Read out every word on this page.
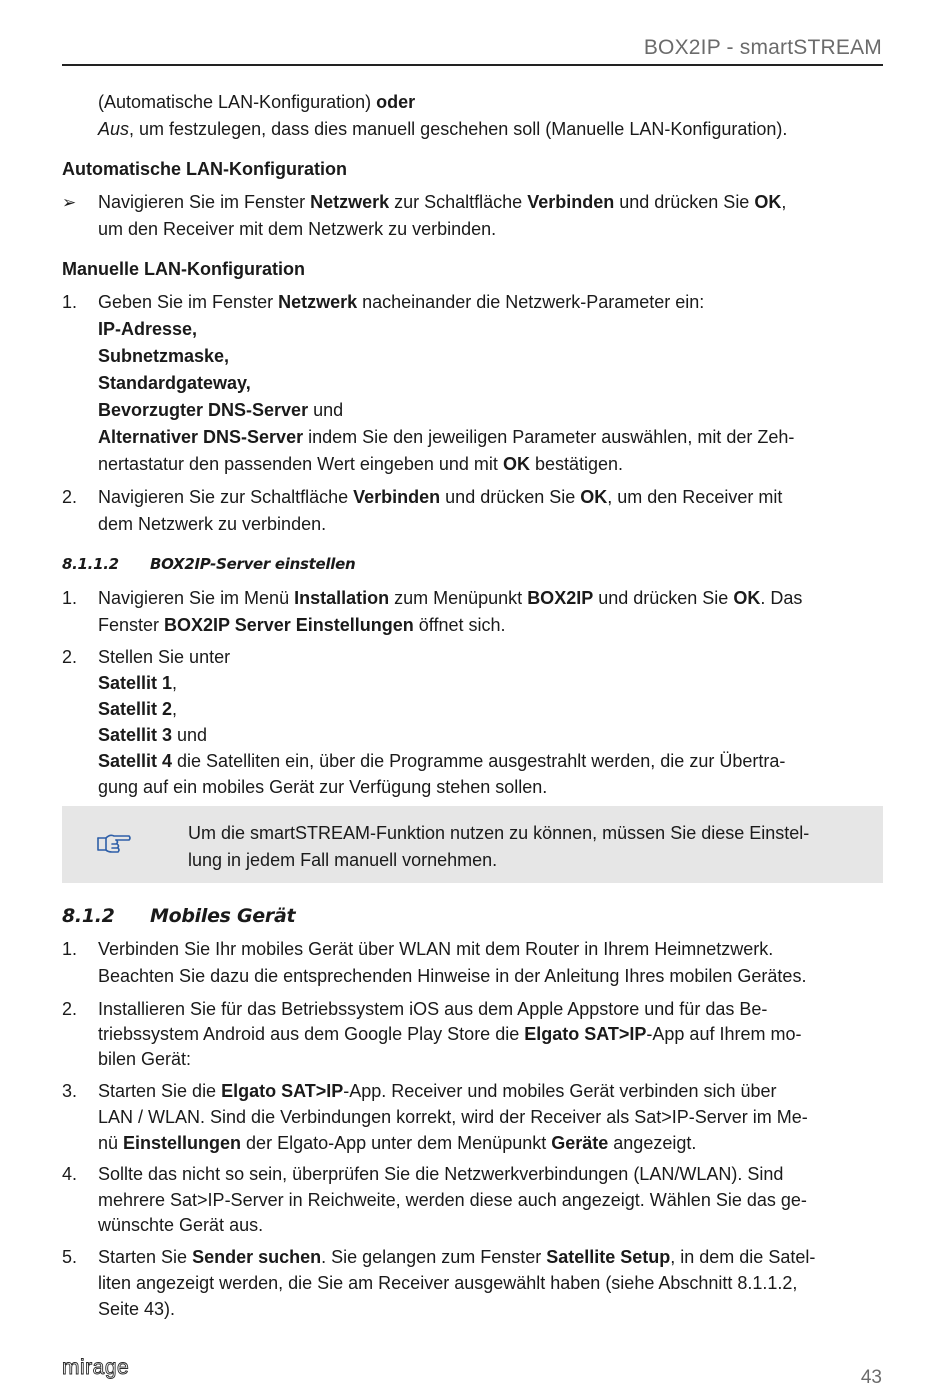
BOX2IP - smartSTREAM
(Automatische LAN-Konfiguration) oder
Aus, um festzulegen, dass dies manuell geschehen soll (Manuelle LAN-Konfiguration).
Automatische LAN-Konfiguration
➢ Navigieren Sie im Fenster Netzwerk zur Schaltfläche Verbinden und drücken Sie OK,
um den Receiver mit dem Netzwerk zu verbinden.
Manuelle LAN-Konfiguration
1.	Geben Sie im Fenster Netzwerk nacheinander die Netzwerk-Parameter ein:
IP-Adresse,
Subnetzmaske,
Standardgateway,
Bevorzugter DNS-Server und
Alternativer DNS-Server indem Sie den jeweiligen Parameter auswählen, mit der Zeh-
nertastatur den passenden Wert eingeben und mit OK bestätigen.
2.	Navigieren Sie zur Schaltfläche Verbinden und drücken Sie OK, um den Receiver mit
dem Netzwerk zu verbinden.
8.1.1.2 BOX2IP-Server einstellen
1.	Navigieren Sie im Menü Installation zum Menüpunkt BOX2IP und drücken Sie OK. Das
Fenster BOX2IP Server Einstellungen öffnet sich.
2.	Stellen Sie unter
Satellit 1,
Satellit 2,
Satellit 3 und
Satellit 4 die Satelliten ein, über die Programme ausgestrahlt werden, die zur Übertra-
gung auf ein mobiles Gerät zur Verfügung stehen sollen.
Um die smartSTREAM-Funktion nutzen zu können, müssen Sie diese Einstel-
lung in jedem Fall manuell vornehmen.
8.1.2 Mobiles Gerät
1.	Verbinden Sie Ihr mobiles Gerät über WLAN mit dem Router in Ihrem Heimnetzwerk.
Beachten Sie dazu die entsprechenden Hinweise in der Anleitung Ihres mobilen Gerätes.
2.	Installieren Sie für das Betriebssystem iOS aus dem Apple Appstore und für das Be-
triebssystem Android aus dem Google Play Store die Elgato SAT>IP-App auf Ihrem mo-
bilen Gerät:
3.	Starten Sie die Elgato SAT>IP-App. Receiver und mobiles Gerät verbinden sich über
LAN / WLAN. Sind die Verbindungen korrekt, wird der Receiver als Sat>IP-Server im Me-
nü Einstellungen der Elgato-App unter dem Menüpunkt Geräte angezeigt.
4.	Sollte das nicht so sein, überprüfen Sie die Netzwerkverbindungen (LAN/WLAN). Sind
mehrere Sat>IP-Server in Reichweite, werden diese auch angezeigt. Wählen Sie das ge-
wünschte Gerät aus.
5.	Starten Sie Sender suchen. Sie gelangen zum Fenster Satellite Setup, in dem die Satel-
liten angezeigt werden, die Sie am Receiver ausgewählt haben (siehe Abschnitt 8.1.1.2,
Seite 43).
mirage	43
